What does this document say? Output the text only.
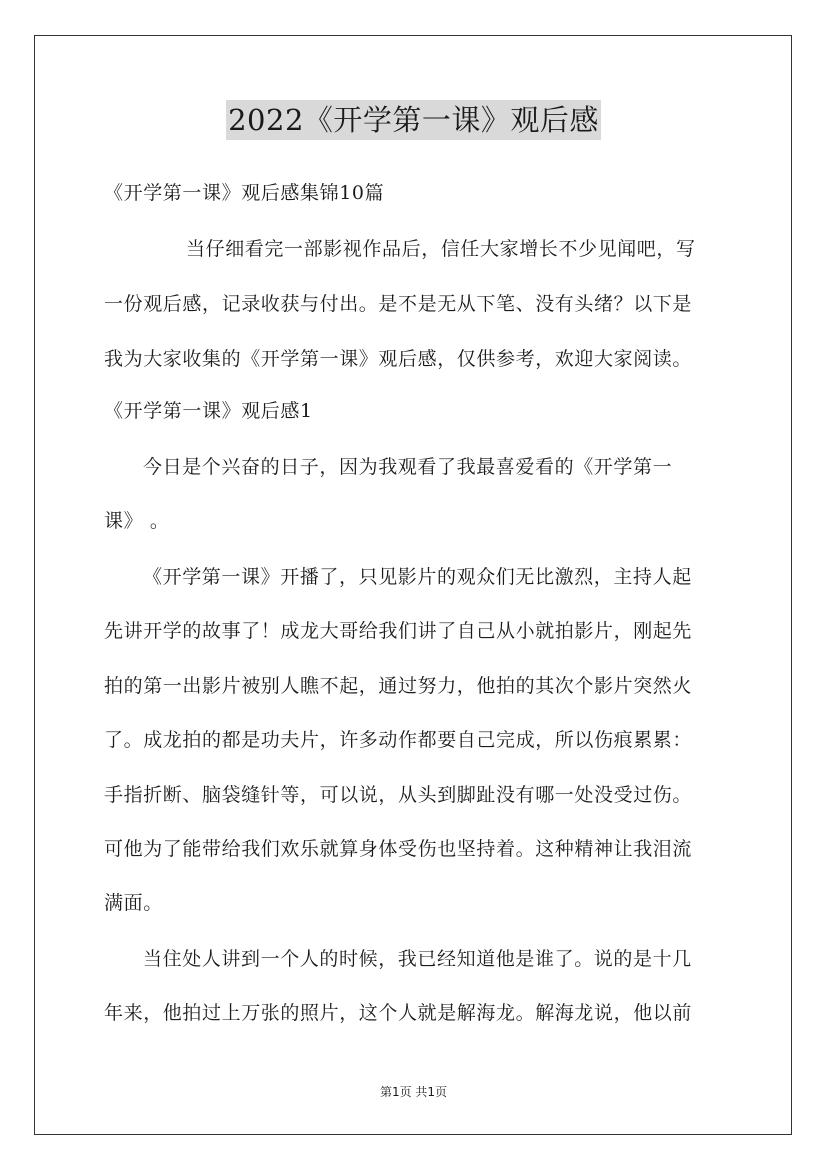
2022《开学第一课》观后感
《开学第一课》观后感集锦10篇
当仔细看完一部影视作品后，信任大家增长不少见闻吧，写
一份观后感，记录收获与付出。是不是无从下笔、没有头绪？以下是
我为大家收集的《开学第一课》观后感，仅供参考，欢迎大家阅读。
《开学第一课》观后感1
今日是个兴奋的日子，因为我观看了我最喜爱看的《开学第一
课》 。
《开学第一课》开播了，只见影片的观众们无比激烈，主持人起
先讲开学的故事了！成龙大哥给我们讲了自己从小就拍影片，刚起先
拍的第一出影片被别人瞧不起，通过努力，他拍的其次个影片突然火
了。成龙拍的都是功夫片，许多动作都要自己完成，所以伤痕累累：
手指折断、脑袋缝针等，可以说，从头到脚趾没有哪一处没受过伤。
可他为了能带给我们欢乐就算身体受伤也坚持着。这种精神让我泪流
满面。
当住处人讲到一个人的时候，我已经知道他是谁了。说的是十几
年来，他拍过上万张的照片，这个人就是解海龙。解海龙说，他以前
第1页 共1页
